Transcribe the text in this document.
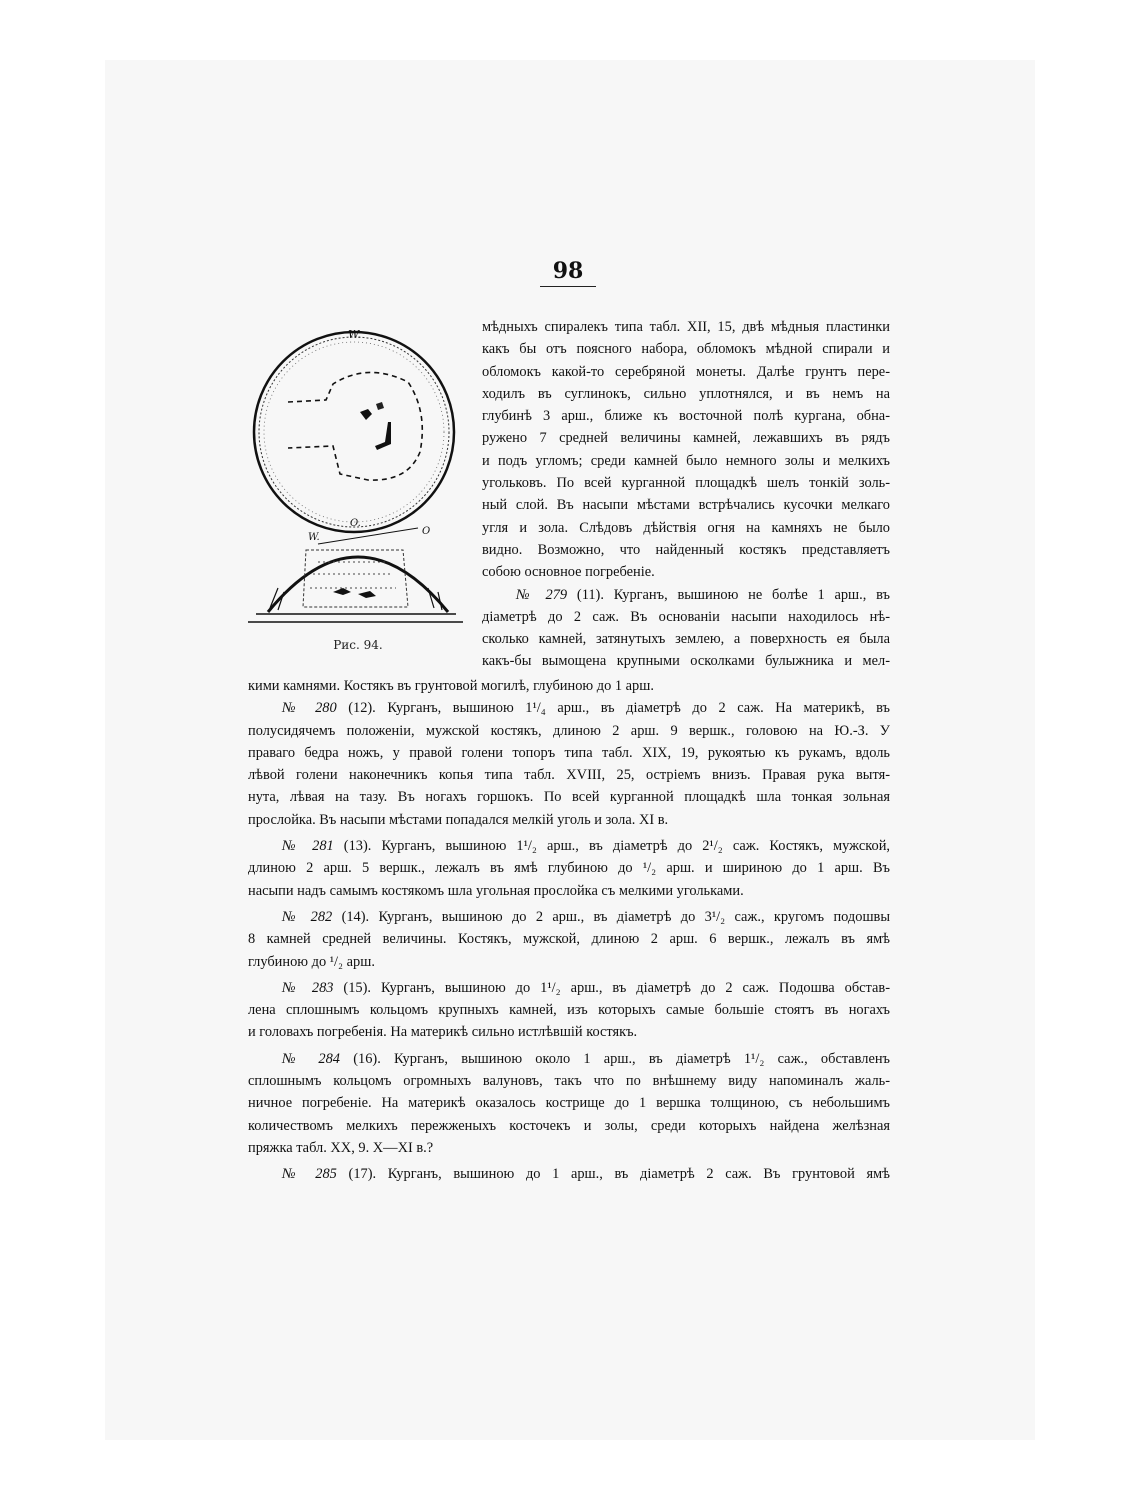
98
W.
O.
W.
O
Рис. 94.
мѣдныхъ спиралекъ типа табл. XII, 15, двѣ мѣдныя пластинки
какъ бы отъ поясного набора, обломокъ мѣдной спирали и
обломокъ какой-то серебряной монеты. Далѣе грунтъ пере-
ходилъ въ суглинокъ, сильно уплотнялся, и въ немъ на
глубинѣ 3 арш., ближе къ восточной полѣ кургана, обна-
ружено 7 средней величины камней, лежавшихъ въ рядъ
и подъ угломъ; среди камней было немного золы и мелкихъ
угольковъ. По всей курганной площадкѣ шелъ тонкій золь-
ный слой. Въ насыпи мѣстами встрѣчались кусочки мелкаго
угля и зола. Слѣдовъ дѣйствія огня на камняхъ не было
видно. Возможно, что найденный костякъ представляетъ
собою основное погребеніе.
№ 279 (11). Курганъ, вышиною не болѣе 1 арш., въ
діаметрѣ до 2 саж. Въ основаніи насыпи находилось нѣ-
сколько камней, затянутыхъ землею, а поверхность ея была
какъ-бы вымощена крупными осколками булыжника и мел-
кими камнями. Костякъ въ грунтовой могилѣ, глубиною до 1 арш.
№ 280 (12). Курганъ, вышиною 1¹/₄ арш., въ діаметрѣ до 2 саж. На материкѣ, въ
полусидячемъ положеніи, мужской костякъ, длиною 2 арш. 9 вершк., головою на Ю.-З. У
праваго бедра ножъ, у правой голени топоръ типа табл. XIX, 19, рукоятью къ рукамъ, вдоль
лѣвой голени наконечникъ копья типа табл. XVIII, 25, остріемъ внизъ. Правая рука вытя-
нута, лѣвая на тазу. Въ ногахъ горшокъ. По всей курганной площадкѣ шла тонкая зольная
прослойка. Въ насыпи мѣстами попадался мелкій уголь и зола. XI в.
№ 281 (13). Курганъ, вышиною 1¹/₂ арш., въ діаметрѣ до 2¹/₂ саж. Костякъ, мужской,
длиною 2 арш. 5 вершк., лежалъ въ ямѣ глубиною до ¹/₂ арш. и шириною до 1 арш. Въ
насыпи надъ самымъ костякомъ шла угольная прослойка съ мелкими угольками.
№ 282 (14). Курганъ, вышиною до 2 арш., въ діаметрѣ до 3¹/₂ саж., кругомъ подошвы
8 камней средней величины. Костякъ, мужской, длиною 2 арш. 6 вершк., лежалъ въ ямѣ
глубиною до ¹/₂ арш.
№ 283 (15). Курганъ, вышиною до 1¹/₂ арш., въ діаметрѣ до 2 саж. Подошва обстав-
лена сплошнымъ кольцомъ крупныхъ камней, изъ которыхъ самые большіе стоятъ въ ногахъ
и головахъ погребенія. На материкѣ сильно истлѣвшій костякъ.
№ 284 (16). Курганъ, вышиною около 1 арш., въ діаметрѣ 1¹/₂ саж., обставленъ
сплошнымъ кольцомъ огромныхъ валуновъ, такъ что по внѣшнему виду напоминалъ жаль-
ничное погребеніе. На материкѣ оказалось кострище до 1 вершка толщиною, съ небольшимъ
количествомъ мелкихъ пережженыхъ косточекъ и золы, среди которыхъ найдена желѣзная
пряжка табл. XX, 9. X—XI в.?
№ 285 (17). Курганъ, вышиною до 1 арш., въ діаметрѣ 2 саж. Въ грунтовой ямѣ
